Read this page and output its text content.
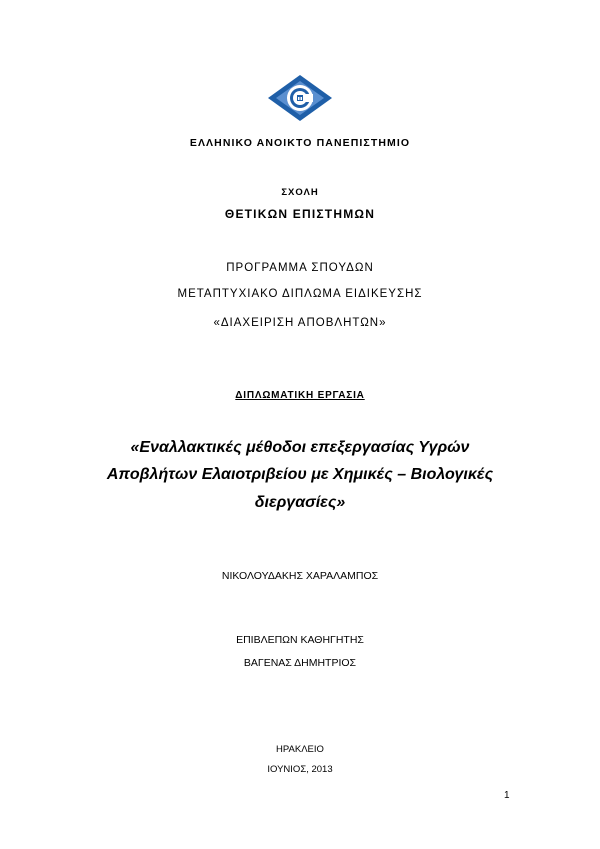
ΕΛΛΗΝΙΚΟ ΑΝΟΙΚΤΟ ΠΑΝΕΠΙΣΤΗΜΙΟ
ΣΧΟΛΗ
ΘΕΤΙΚΩΝ ΕΠΙΣΤΗΜΩΝ
ΠΡΟΓΡΑΜΜΑ ΣΠΟΥΔΩΝ
ΜΕΤΑΠΤΥΧΙΑΚΟ ΔΙΠΛΩΜΑ ΕΙΔΙΚΕΥΣΗΣ
«ΔΙΑΧΕΙΡΙΣΗ ΑΠΟΒΛΗΤΩΝ»
ΔΙΠΛΩΜΑΤΙΚΗ ΕΡΓΑΣΙΑ
«Εναλλακτικές μέθοδοι επεξεργασίας Υγρών
Αποβλήτων Ελαιοτριβείου με Χημικές – Βιολογικές
διεργασίες»
ΝΙΚΟΛΟΥΔΑΚΗΣ ΧΑΡΑΛΑΜΠΟΣ
ΕΠΙΒΛΕΠΩΝ ΚΑΘΗΓΗΤΗΣ
ΒΑΓΕΝΑΣ ΔΗΜΗΤΡΙΟΣ
ΗΡΑΚΛΕΙΟ
ΙΟΥΝΙΟΣ, 2013
1
